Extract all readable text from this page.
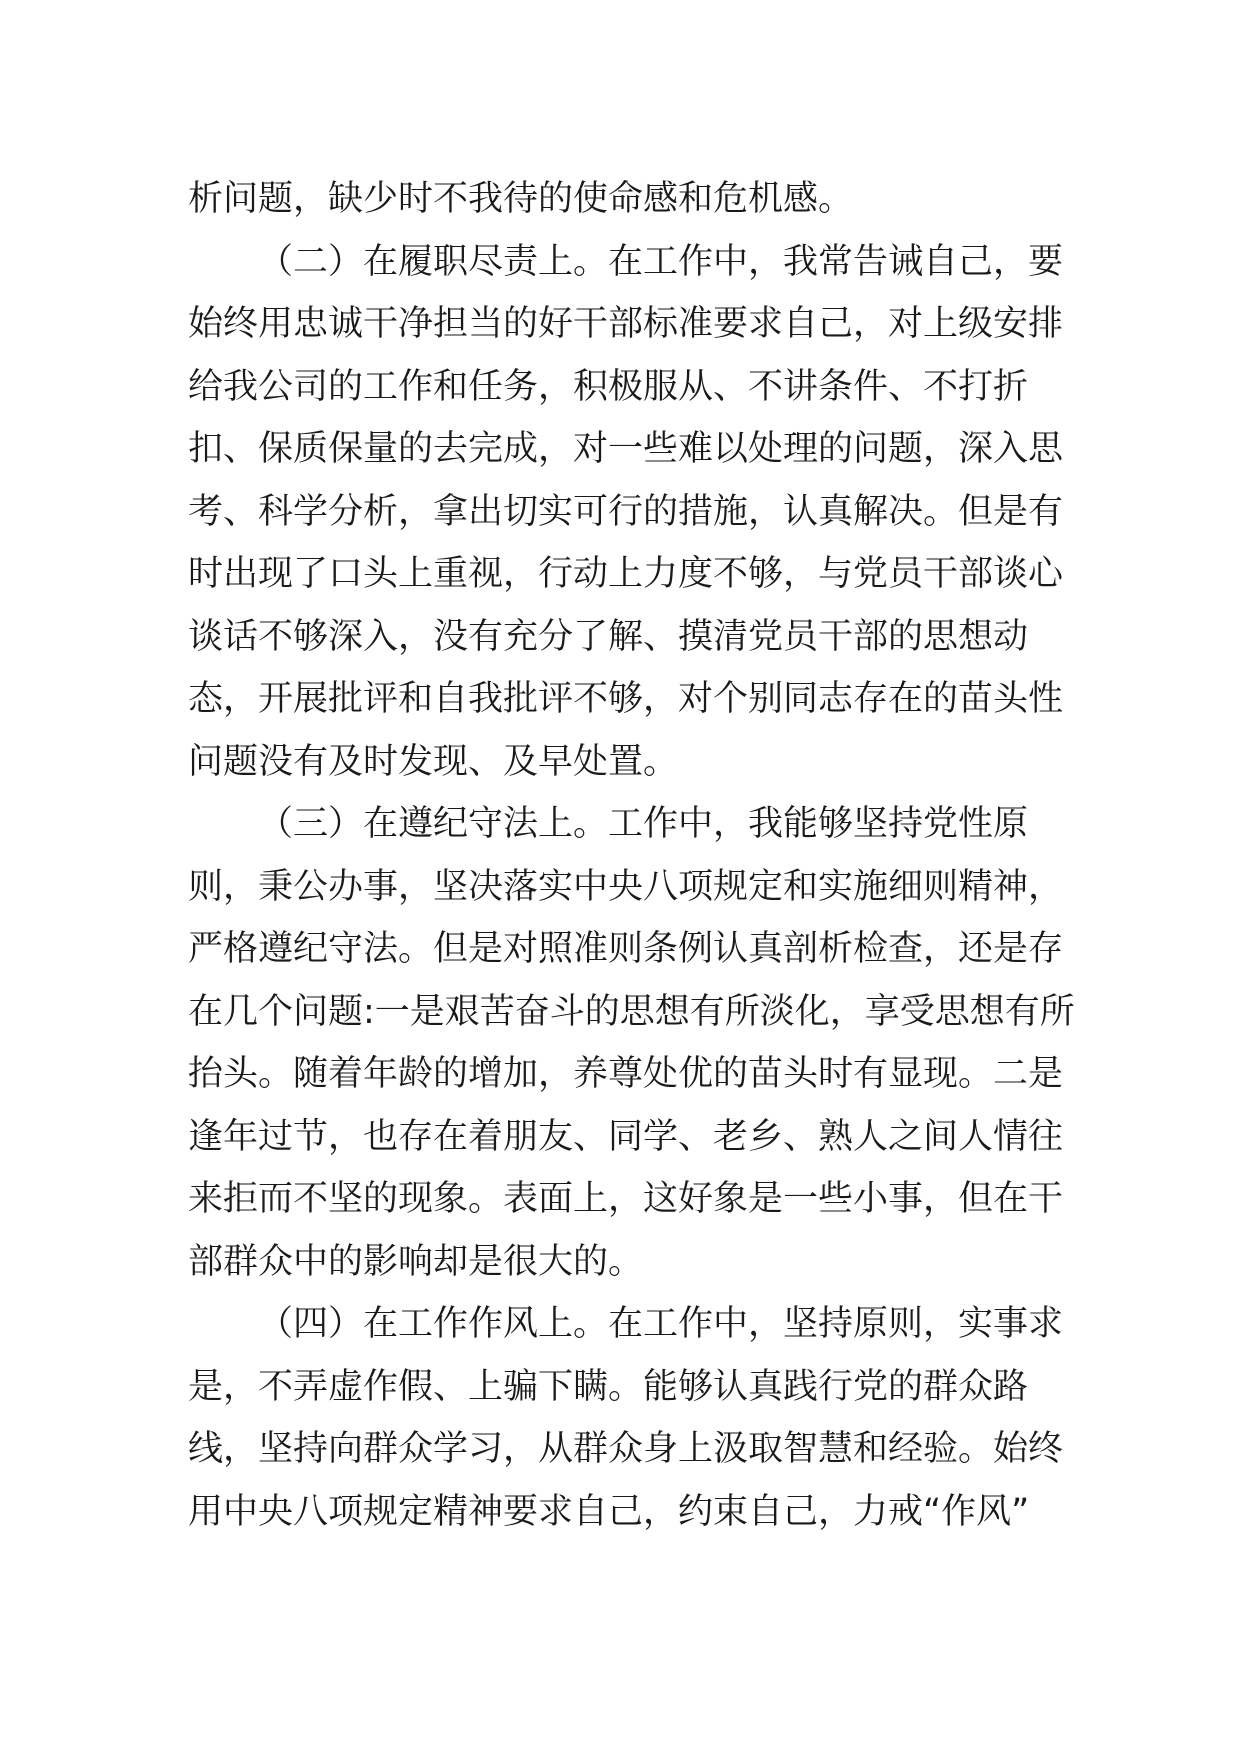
析问题，缺少时不我待的使命感和危机感。

（二）在履职尽责上。在工作中，我常告诫自己，要

始终用忠诚干净担当的好干部标准要求自己，对上级安排

给我公司的工作和任务，积极服从、不讲条件、不打折

扣、保质保量的去完成，对一些难以处理的问题，深入思

考、科学分析，拿出切实可行的措施，认真解决。但是有

时出现了口头上重视，行动上力度不够，与党员干部谈心

谈话不够深入，没有充分了解、摸清党员干部的思想动

态，开展批评和自我批评不够，对个别同志存在的苗头性

问题没有及时发现、及早处置。

（三）在遵纪守法上。工作中，我能够坚持党性原

则，秉公办事，坚决落实中央八项规定和实施细则精神，

严格遵纪守法。但是对照准则条例认真剖析检查，还是存

在几个问题:一是艰苦奋斗的思想有所淡化，享受思想有所

抬头。随着年龄的增加，养尊处优的苗头时有显现。二是

逢年过节，也存在着朋友、同学、老乡、熟人之间人情往

来拒而不坚的现象。表面上，这好象是一些小事，但在干

部群众中的影响却是很大的。

（四）在工作作风上。在工作中，坚持原则，实事求

是，不弄虚作假、上骗下瞒。能够认真践行党的群众路

线，坚持向群众学习，从群众身上汲取智慧和经验。始终

用中央八项规定精神要求自己，约束自己，力戒“作风”
